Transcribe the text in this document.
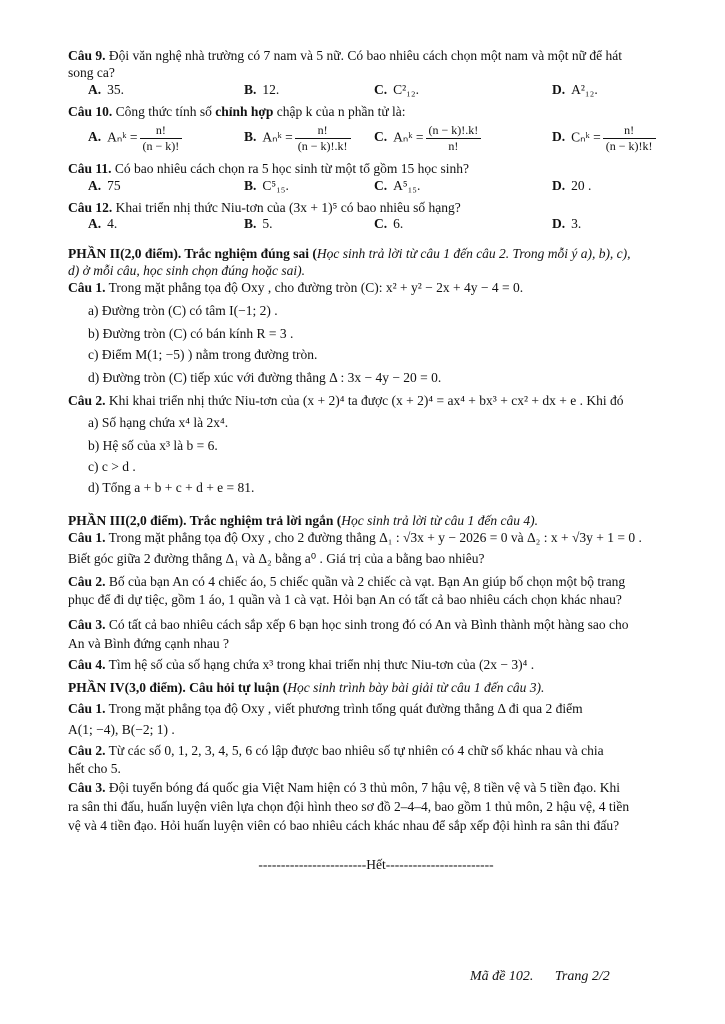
Câu 9. Đội văn nghệ nhà trường có 7 nam và 5 nữ. Có bao nhiêu cách chọn một nam và một nữ để hát

song ca?

A. 35.	B. 12.	C. C²₁₂.	D. A²₁₂.

Câu 10. Công thức tính số chỉnh hợp chập k của n phần tử là:

A. Aₙᵏ = $\frac{n!}{(n - k)!}$	B. Aₙᵏ = $\frac{n!}{(n - k)!.k!} C$. Aₙᵏ = $\frac{(n - k)!.k!}{n!}$	D. Cₙᵏ = $\frac{n!}{(n - k)!k!}$

Câu 11. Có bao nhiêu cách chọn ra 5 học sinh từ một tổ gồm 15 học sinh?

A. 75	B. C⁵₁₅.	C. A⁵₁₅.	D. 20 .

Câu 12. Khai triển nhị thức Niu-tơn của (3x + 1)⁵ có bao nhiêu số hạng?

A. 4.	B. 5.	C. 6.	D. 3.

PHẦN II(2,0 điểm). Trắc nghiệm đúng sai (Học sinh trả lời từ câu 1 đến câu 2. Trong mỗi ý a), b), c),

d) ở mỗi câu, học sinh chọn đúng hoặc sai).

Câu 1. Trong mặt phẳng tọa độ Oxy , cho đường tròn (C): x² + y² − 2x + 4y − 4 = 0.

a) Đường tròn (C) có tâm I(−1; 2) .

b) Đường tròn (C) có bán kính R = 3 .

c) Điểm M(1; −5) ) nằm trong đường tròn.

d) Đường tròn (C) tiếp xúc với đường thẳng Δ : 3x − 4y − 20 = 0.

Câu 2. Khi khai triển nhị thức Niu-tơn của (x + 2)⁴ ta được (x + 2)⁴ = ax⁴ + bx³ + cx² + dx + e . Khi đó

a) Số hạng chứa x⁴ là 2x⁴.

b) Hệ số của x³ là b = 6.

c) c > d .

d) Tổng a + b + c + d + e = 81.

PHẦN III(2,0 điểm). Trắc nghiệm trả lời ngắn (Học sinh trả lời từ câu 1 đến câu 4).

Câu 1. Trong mặt phẳng tọa độ Oxy , cho 2 đường thẳng Δ₁ : √3x + y − 2026 = 0 và Δ₂ : x + √3y + 1 = 0 .

Biết góc giữa 2 đường thẳng Δ₁ và Δ₂ bằng a⁰ . Giá trị của a bằng bao nhiêu?

Câu 2. Bố của bạn An có 4 chiếc áo, 5 chiếc quần và 2 chiếc cà vạt. Bạn An giúp bố chọn một bộ trang

phục để đi dự tiệc, gồm 1 áo, 1 quần và 1 cà vạt. Hỏi bạn An có tất cả bao nhiêu cách chọn khác nhau?

Câu 3. Có tất cả bao nhiêu cách sắp xếp 6 bạn học sinh trong đó có An và Bình thành một hàng sao cho

An và Bình đứng cạnh nhau ?

Câu 4. Tìm hệ số của số hạng chứa x³ trong khai triển nhị thưc Niu-tơn của (2x − 3)⁴ .

PHẦN IV(3,0 điểm). Câu hỏi tự luận (Học sinh trình bày bài giải từ câu 1 đến câu 3).

Câu 1. Trong mặt phẳng tọa độ Oxy , viết phương trình tổng quát đường thẳng Δ đi qua 2 điểm

A(1; −4), B(−2; 1) .

Câu 2. Từ các số 0, 1, 2, 3, 4, 5, 6 có lập được bao nhiêu số tự nhiên có 4 chữ số khác nhau và chia

hết cho 5.

Câu 3. Đội tuyển bóng đá quốc gia Việt Nam hiện có 3 thủ môn, 7 hậu vệ, 8 tiền vệ và 5 tiền đạo. Khi

ra sân thi đấu, huấn luyện viên lựa chọn đội hình theo sơ đồ 2–4–4, bao gồm 1 thủ môn, 2 hậu vệ, 4 tiền

vệ và 4 tiền đạo. Hỏi huấn luyện viên có bao nhiêu cách khác nhau để sắp xếp đội hình ra sân thi đấu?

------------------------Hết------------------------

Mã đề 102. Trang 2/2
